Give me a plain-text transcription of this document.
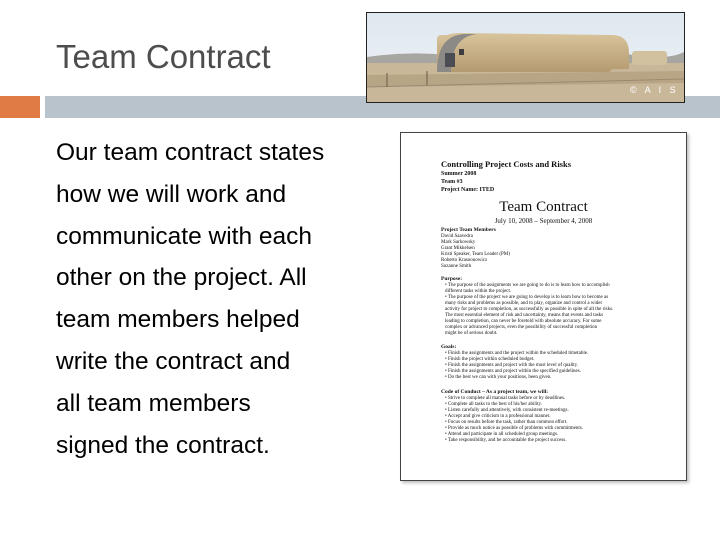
Team Contract
© A I S
Our team contract states
how we will work and
communicate with each
other on the project. All
team members helped
write the contract and
all team members
signed the contract.
Controlling Project Costs and Risks
Summer 2008
Team #3
Project Name: ITED
Team Contract
July 10, 2008 – September 4, 2008
Project Team Members
David Saavedra
Mark Sarkowsky
Grant Mikkelsen
Kristi Speaker, Team Leader (PM)
Roberto Krasnonowicz
Suzanne Smith
Purpose:
• The purpose of the assignments we are going to do is to learn how to accomplish
different tasks within the project.
• The purpose of the project we are going to develop is to learn how to become as
many risks and problems as possible, and to play, organize and control a wider
activity for project to completion, as successfully as possible in spite of all the risks.
The most essential element of risk and uncertainty, means that events and tasks
leading to completion, can never be foretold with absolute accuracy. For some
complex or advanced projects, even the possibility of successful completion
might be of serious doubt.
Goals:
• Finish the assignments and the project within the scheduled timetable.
• Finish the project within scheduled budget.
• Finish the assignments and project with the most level of quality.
• Finish the assignments and project within the specified guidelines.
• Do the best we can with your positions, been given.
Code of Conduct – As a project team, we will:
• Strive to complete all manual tasks before or by deadlines.
• Complete all tasks to the best of his/her ability.
• Listen carefully and attentively, with consistent re-meetings.
• Accept and give criticism in a professional manner.
• Focus on results before the task, rather than common effort.
• Provide as much notice as possible of problems with commitments.
• Attend and participate in all scheduled group meetings.
• Take responsibility, and be accountable the project success.
